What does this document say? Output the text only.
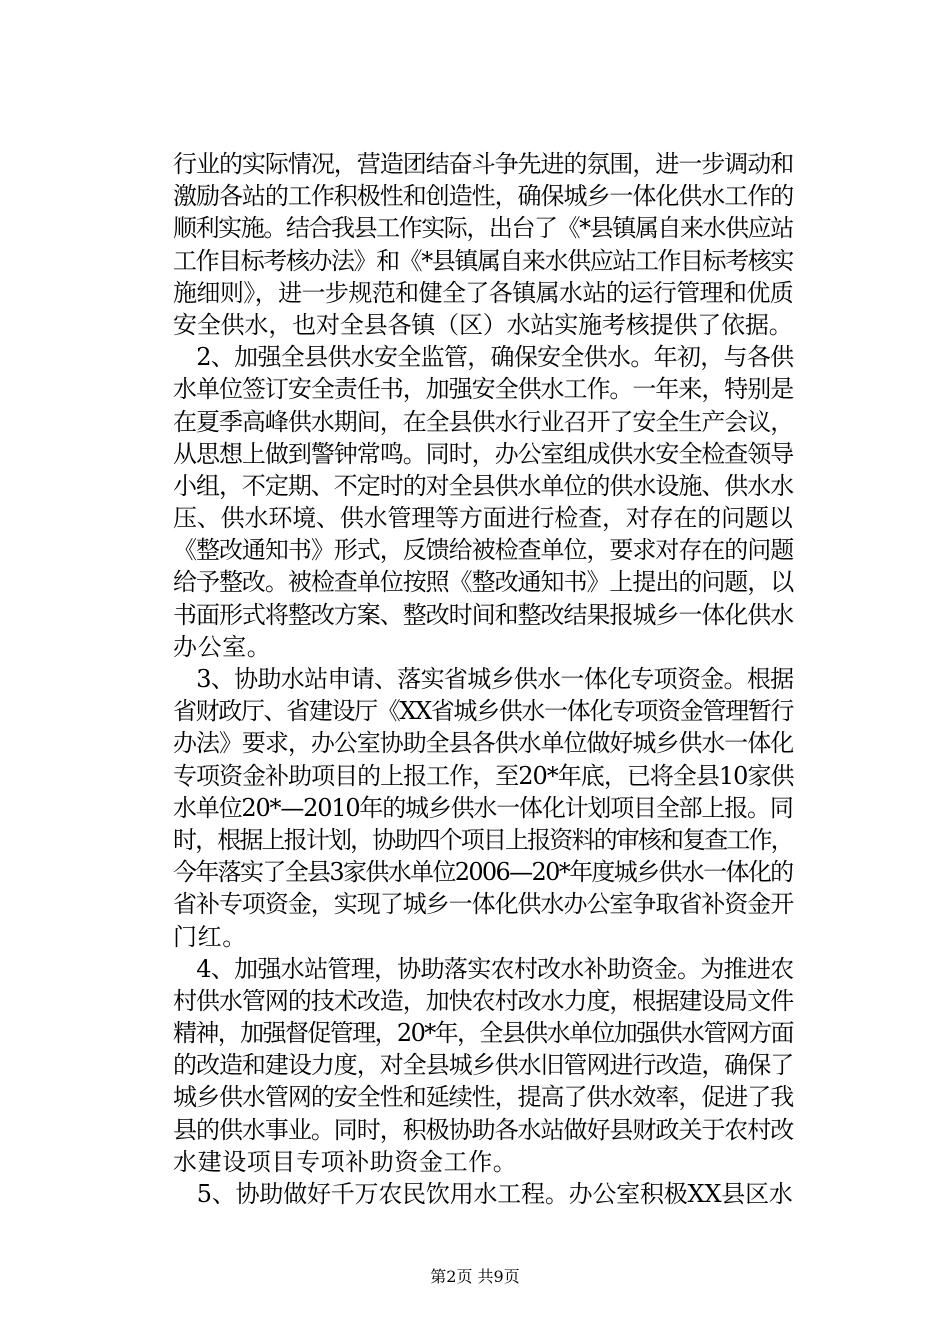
行业的实际情况，营造团结奋斗争先进的氛围，进一步调动和
激励各站的工作积极性和创造性，确保城乡一体化供水工作的
顺利实施。结合我县工作实际，出台了《*县镇属自来水供应站
工作目标考核办法》和《*县镇属自来水供应站工作目标考核实
施细则》，进一步规范和健全了各镇属水站的运行管理和优质
安全供水，也对全县各镇（区）水站实施考核提供了依据。
　2、加强全县供水安全监管，确保安全供水。年初，与各供
水单位签订安全责任书，加强安全供水工作。一年来，特别是
在夏季高峰供水期间，在全县供水行业召开了安全生产会议，
从思想上做到警钟常鸣。同时，办公室组成供水安全检查领导
小组，不定期、不定时的对全县供水单位的供水设施、供水水
压、供水环境、供水管理等方面进行检查，对存在的问题以
《整改通知书》形式，反馈给被检查单位，要求对存在的问题
给予整改。被检查单位按照《整改通知书》上提出的问题，以
书面形式将整改方案、整改时间和整改结果报城乡一体化供水
办公室。
　3、协助水站申请、落实省城乡供水一体化专项资金。根据
省财政厅、省建设厅《XX省城乡供水一体化专项资金管理暂行
办法》要求，办公室协助全县各供水单位做好城乡供水一体化
专项资金补助项目的上报工作，至20*年底，已将全县10家供
水单位20*—2010年的城乡供水一体化计划项目全部上报。同
时，根据上报计划，协助四个项目上报资料的审核和复查工作，
今年落实了全县3家供水单位2006—20*年度城乡供水一体化的
省补专项资金，实现了城乡一体化供水办公室争取省补资金开
门红。
　4、加强水站管理，协助落实农村改水补助资金。为推进农
村供水管网的技术改造，加快农村改水力度，根据建设局文件
精神，加强督促管理，20*年，全县供水单位加强供水管网方面
的改造和建设力度，对全县城乡供水旧管网进行改造，确保了
城乡供水管网的安全性和延续性，提高了供水效率，促进了我
县的供水事业。同时，积极协助各水站做好县财政关于农村改
水建设项目专项补助资金工作。
　5、协助做好千万农民饮用水工程。办公室积极XX县区水
第2页 共9页
